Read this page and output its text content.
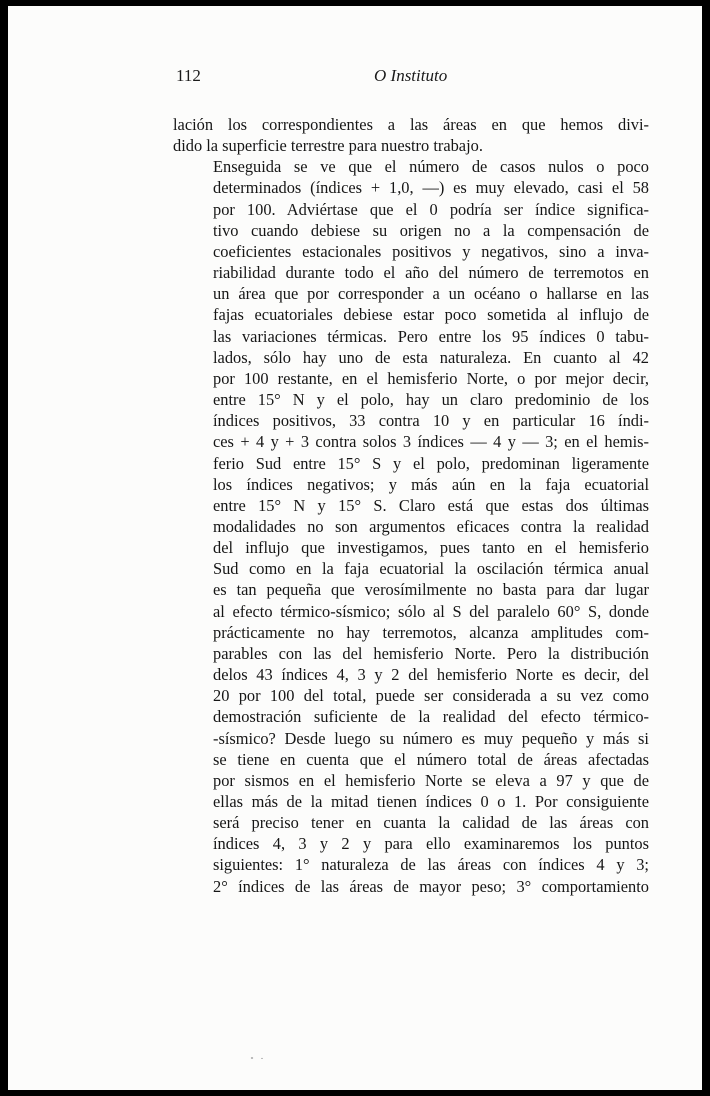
112	O Instituto

lación los correspondientes a las áreas en que hemos divi-
dido la superficie terrestre para nuestro trabajo.

Enseguida se ve que el número de casos nulos o poco
determinados (índices + 1,0, —) es muy elevado, casi el 58
por 100. Adviértase que el 0 podría ser índice significa-
tivo cuando debiese su origen no a la compensación de
coeficientes estacionales positivos y negativos, sino a inva-
riabilidad durante todo el año del número de terremotos en
un área que por corresponder a un océano o hallarse en las
fajas ecuatoriales debiese estar poco sometida al influjo de
las variaciones térmicas. Pero entre los 95 índices 0 tabu-
lados, sólo hay uno de esta naturaleza. En cuanto al 42
por 100 restante, en el hemisferio Norte, o por mejor decir,
entre 15° N y el polo, hay un claro predominio de los
índices positivos, 33 contra 10 y en particular 16 índi-
ces + 4 y + 3 contra solos 3 índices — 4 y — 3; en el hemis-
ferio Sud entre 15° S y el polo, predominan ligeramente
los índices negativos; y más aún en la faja ecuatorial
entre 15° N y 15° S. Claro está que estas dos últimas
modalidades no son argumentos eficaces contra la realidad
del influjo que investigamos, pues tanto en el hemisferio
Sud como en la faja ecuatorial la oscilación térmica anual
es tan pequeña que verosímilmente no basta para dar lugar
al efecto térmico-sísmico; sólo al S del paralelo 60° S, donde
prácticamente no hay terremotos, alcanza amplitudes com-
parables con las del hemisferio Norte. Pero la distribución
delos 43 índices 4, 3 y 2 del hemisferio Norte es decir, del
20 por 100 del total, puede ser considerada a su vez como
demostración suficiente de la realidad del efecto térmico-
-sísmico? Desde luego su número es muy pequeño y más si
se tiene en cuenta que el número total de áreas afectadas
por sismos en el hemisferio Norte se eleva a 97 y que de
ellas más de la mitad tienen índices 0 o 1. Por consiguiente
será preciso tener en cuanta la calidad de las áreas con
índices 4, 3 y 2 y para ello examinaremos los puntos
siguientes: 1° naturaleza de las áreas con índices 4 y 3;
2° índices de las áreas de mayor peso; 3° comportamiento
